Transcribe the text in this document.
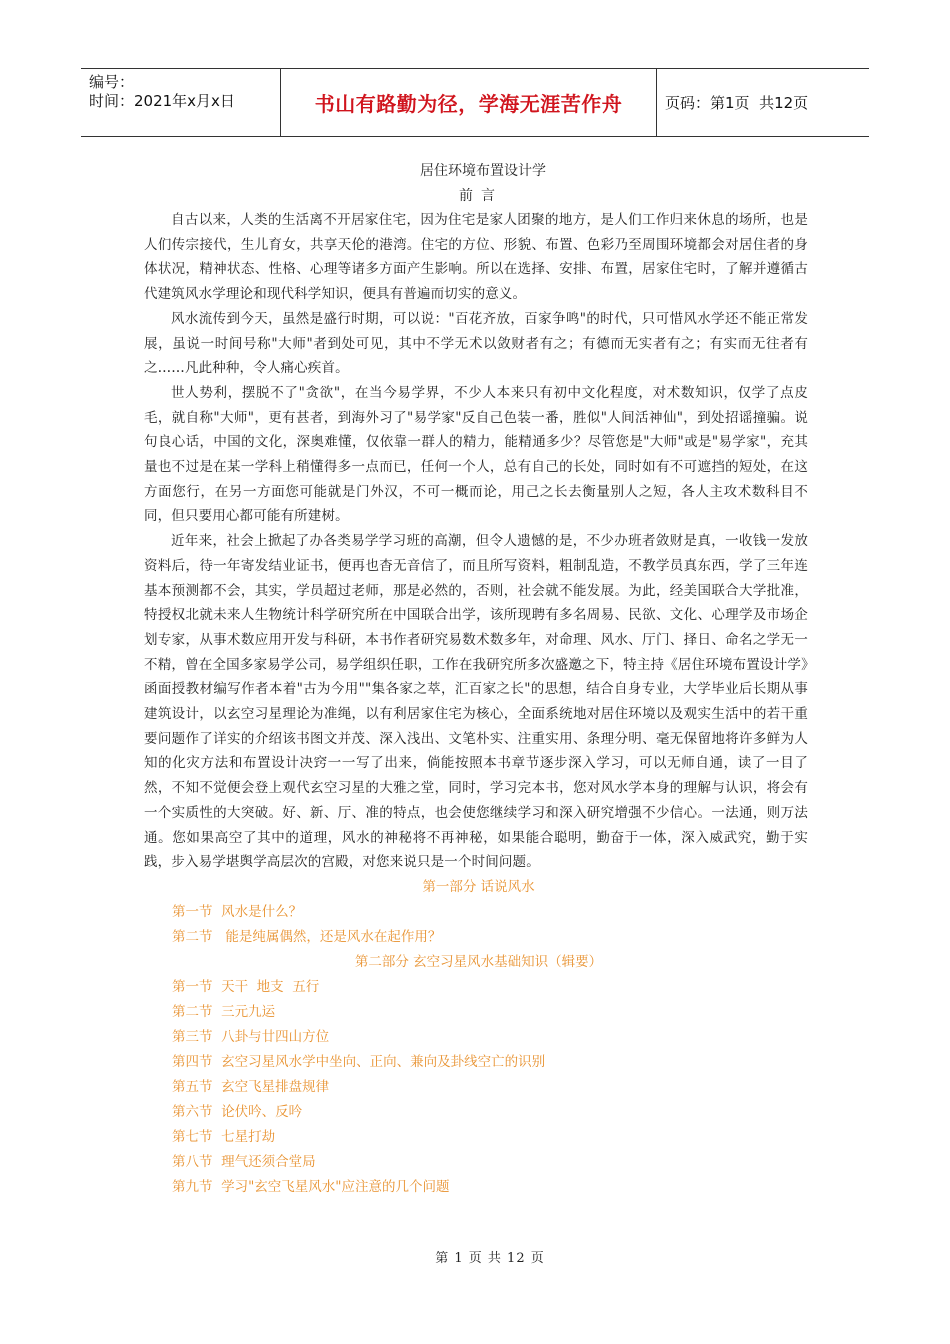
编号：
时间：2021年x月x日	书山有路勤为径，学海无涯苦作舟	页码：第1页  共12页
居住环境布置设计学
前言

自古以来，人类的生活离不开居家住宅，因为住宅是家人团聚的地方，是人们工作归来休息的场所，也是人们传宗接代，生儿育女，共享天伦的港湾。住宅的方位、形貌、布置、色彩乃至周围环境都会对居住者的身体状况，精神状态、性格、心理等诸多方面产生影响。所以在选择、安排、布置，居家住宅时，了解并遵循古代建筑风水学理论和现代科学知识，便具有普遍而切实的意义。

风水流传到今天，虽然是盛行时期，可以说："百花齐放，百家争鸣"的时代，只可惜风水学还不能正常发展，虽说一时间号称"大师"者到处可见，其中不学无术以敛财者有之；有德而无实者有之；有实而无往者有之……凡此种种，令人痛心疾首。

世人势利，摆脱不了"贪欲"，在当今易学界，不少人本来只有初中文化程度，对术数知识，仅学了点皮毛，就自称"大师"，更有甚者，到海外习了"易学家"反自己色装一番，胜似"人间活神仙"，到处招谣撞骗。说句良心话，中国的文化，深奥难懂，仅依靠一群人的精力，能精通多少？尽管您是"大师"或是"易学家"，充其量也不过是在某一学科上稍懂得多一点而已，任何一个人，总有自己的长处，同时如有不可遮挡的短处，在这方面您行，在另一方面您可能就是门外汉，不可一概而论，用己之长去衡量别人之短，各人主攻术数科目不同，但只要用心都可能有所建树。

近年来，社会上掀起了办各类易学学习班的高潮，但令人遗憾的是，不少办班者敛财是真，一收钱一发放资料后，待一年寄发结业证书，便再也杳无音信了，而且所写资料，粗制乱造，不教学员真东西，学了三年连基本预测都不会，其实，学员超过老师，那是必然的，否则，社会就不能发展。为此，经美国联合大学批准，特授权北就未来人生物统计科学研究所在中国联合出学，该所现聘有多名周易、民欲、文化、心理学及市场企划专家，从事术数应用开发与科研，本书作者研究易数术数多年，对命理、风水、厅门、择日、命名之学无一不精，曾在全国多家易学公司，易学组织任职，工作在我研究所多次盛邀之下，特主持《居住环境布置设计学》函面授教材编写作者本着"古为今用""集各家之萃，汇百家之长"的思想，结合自身专业，大学毕业后长期从事建筑设计，以玄空习星理论为准绳，以有利居家住宅为核心，全面系统地对居住环境以及观实生活中的若干重要问题作了详实的介绍该书图文并茂、深入浅出、文笔朴实、注重实用、条理分明、毫无保留地将许多鲜为人知的化灾方法和布置设计决窍一一写了出来，倘能按照本书章节逐步深入学习，可以无师自通，读了一目了然，不知不觉便会登上观代玄空习星的大雅之堂，同时，学习完本书，您对风水学本身的理解与认识，将会有一个实质性的大突破。好、新、厅、准的特点，也会使您继续学习和深入研究增强不少信心。一法通，则万法通。您如果高空了其中的道理，风水的神秘将不再神秘，如果能合聪明，勤奋于一体，深入威武究，勤于实践，步入易学堪舆学高层次的宫殿，对您来说只是一个时间问题。

第一部分 话说风水
第一节  风水是什么？
第二节   能是纯属偶然，还是风水在起作用？
第二部分 玄空习星风水基础知识（辑要）
第一节  天干  地支  五行
第二节  三元九运
第三节  八卦与廿四山方位
第四节  玄空习星风水学中坐向、正向、兼向及卦线空亡的识别
第五节  玄空飞星排盘规律
第六节  论伏吟、反吟
第七节  七星打劫
第八节  理气还须合堂局
第九节  学习"玄空飞星风水"应注意的几个问题
第 1 页 共 12 页
